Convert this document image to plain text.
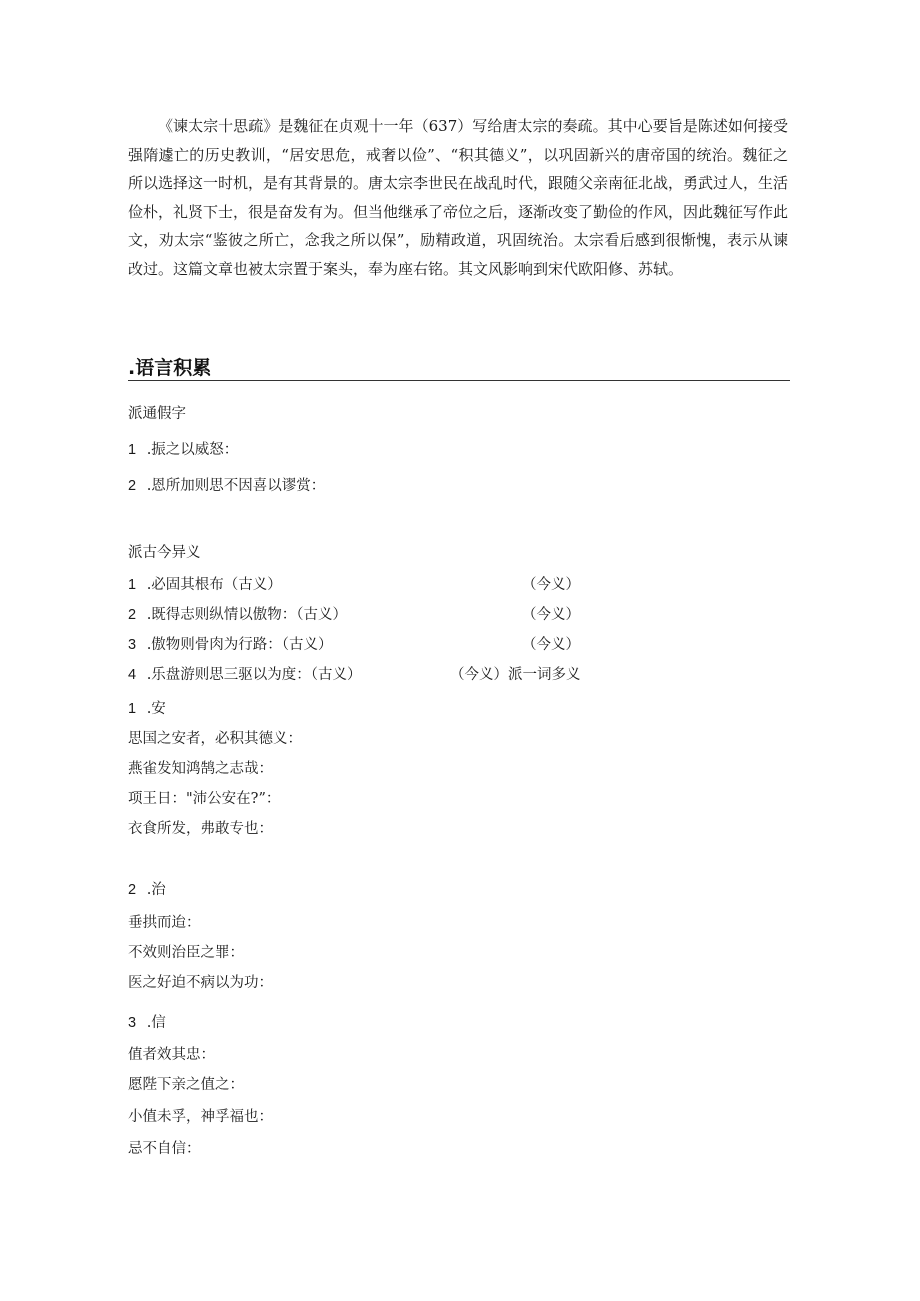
《谏太宗十思疏》是魏征在贞观十一年（637）写给唐太宗的奏疏。其中心要旨是陈述如何接受强隋遽亡的历史教训，“居安思危，戒奢以俭”、“积其德义”，以巩固新兴的唐帝国的统治。魏征之所以选择这一时机，是有其背景的。唐太宗李世民在战乱时代，跟随父亲南征北战，勇武过人，生活俭朴，礼贤下士，很是奋发有为。但当他继承了帝位之后，逐渐改变了勤俭的作风，因此魏征写作此文，劝太宗“鉴彼之所亡，念我之所以保”，励精政道，巩固统治。太宗看后感到很惭愧，表示从谏改过。这篇文章也被太宗置于案头，奉为座右铭。其文风影响到宋代欧阳修、苏轼。

.语言积累
派通假字
1 .振之以威怒：
2 .恩所加则思不因喜以谬赏：
派古今异义
1 .必固其根布（古义）	（今义）
2 .既得志则纵情以傲物：（古义）	（今义）
3 .傲物则骨肉为行路：（古义）	（今义）
4 .乐盘游则思三驱以为度：（古义）	（今义）派一词多义
1 .安
思国之安者，必积其德义：
燕雀发知鸿鹄之志哉：
项王日："沛公安在?”：
衣食所发，弗敢专也：
2 .治
垂拱而迨：
不效则治臣之罪：
医之好迫不病以为功：
3 .信
值者效其忠：
愿陛下亲之值之：
小值未孚，神孚福也：
忌不自信：
